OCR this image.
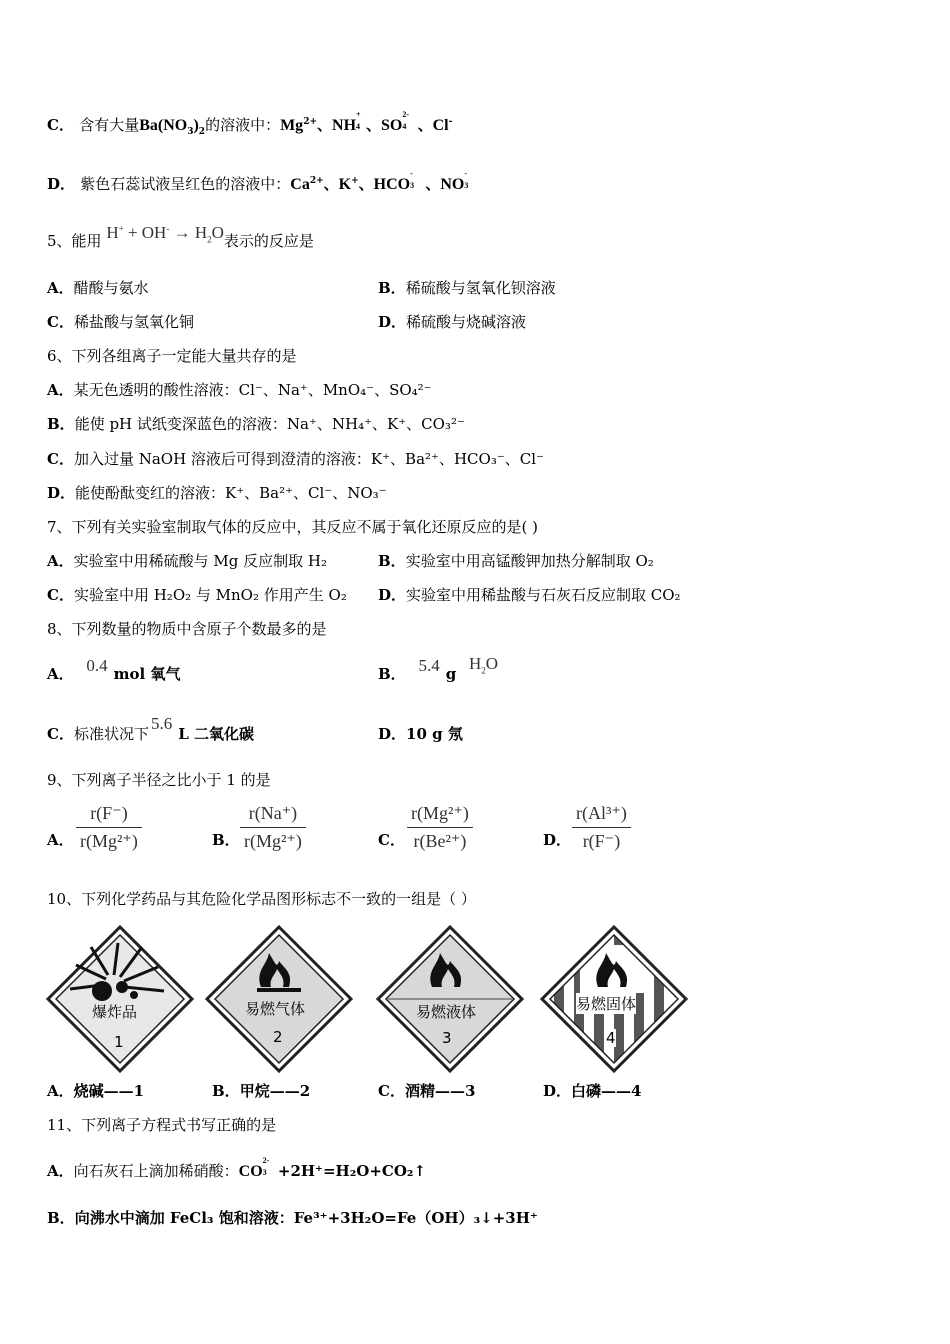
C． 含有大量$Ba(NO_3)_2$的溶液中：$Mg^{2+}$、NH
+
4 、SO
2-
4 、Cl-
D． 紫色石蕊试液呈红色的溶液中：$Ca^{2+}$、K+、HCO
-
3 、NO
-
3
5、能用 $H^+ + OH^- \to H_2O$表示的反应是
A．醋酸与氨水	B．稀硫酸与氢氧化钡溶液
C．稀盐酸与氢氧化铜	D．稀硫酸与烧碱溶液
6、下列各组离子一定能大量共存的是
A．某无色透明的酸性溶液：Cl⁻、Na⁺、MnO₄⁻、SO₄²⁻
B．能使 pH 试纸变深蓝色的溶液：Na⁺、NH₄⁺、K⁺、CO₃²⁻
C．加入过量 NaOH 溶液后可得到澄清的溶液：K⁺、Ba²⁺、HCO₃⁻、Cl⁻
D．能使酚酞变红的溶液：K⁺、Ba²⁺、Cl⁻、NO₃⁻
7、下列有关实验室制取气体的反应中，其反应不属于氧化还原反应的是( )
A．实验室中用稀硫酸与 Mg 反应制取 H₂	B．实验室中用高锰酸钾加热分解制取 O₂
C．实验室中用 H₂O₂ 与 MnO₂ 作用产生 O₂ D．实验室中用稀盐酸与石灰石反应制取 CO₂
8、下列数量的物质中含原子个数最多的是
A． 0.4 mol 氧气	B． 5.4 g $H_2O$
C．标准状况下5.6L 二氧化碳	D．10 g 氖
9、下列离子半径之比小于 1 的是
A．
r(F⁻)
r(Mg²⁺)	B．
r(Na⁺)
r(Mg²⁺)	C．
r(Mg²⁺)
r(Be²⁺)	D．
r(Al³⁺)
r(F⁻)
10、下列化学药品与其危险化学品图形标志不一致的一组是（ ）
爆炸品
1
易燃气体
2
易燃液体
3
易燃固体
4
A．烧碱——1	B．甲烷——2	C．酒精——3	D．白磷——4
11、下列离子方程式书写正确的是
A．向石灰石上滴加稀硝酸：CO
2-
3 +2H⁺=H₂O+CO₂↑
B．向沸水中滴加 FeCl₃ 饱和溶液：Fe³⁺+3H₂O=Fe（OH）₃↓+3H⁺
